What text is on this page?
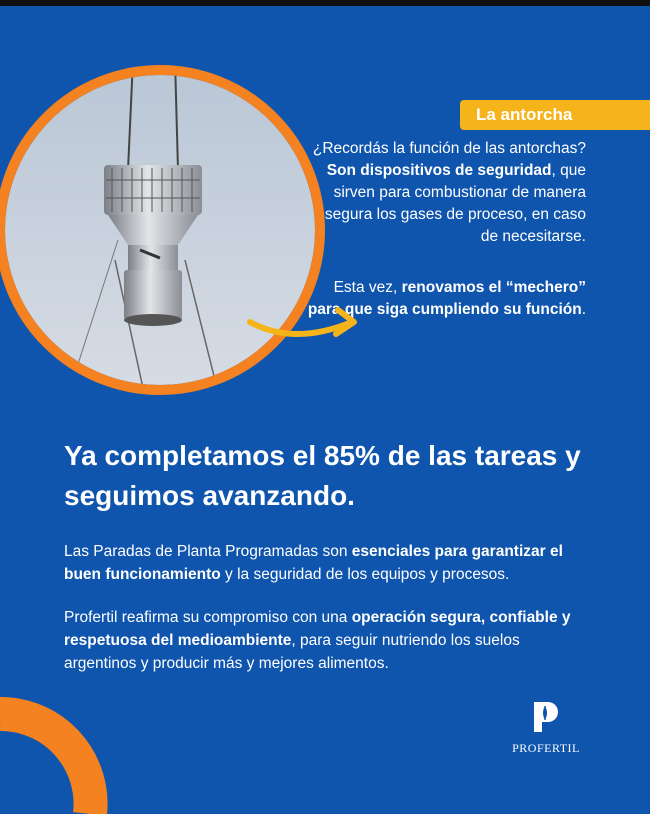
La antorcha

¿Recordás la función de las antorchas? Son dispositivos de seguridad, que sirven para combustionar de manera segura los gases de proceso, en caso de necesitarse.

Esta vez, renovamos el “mechero” para que siga cumpliendo su función.

Ya completamos el 85% de las tareas y seguimos avanzando.

Las Paradas de Planta Programadas son esenciales para garantizar el buen funcionamiento y la seguridad de los equipos y procesos.

Profertil reafirma su compromiso con una operación segura, confiable y respetuosa del medioambiente, para seguir nutriendo los suelos argentinos y producir más y mejores alimentos.

PROFERTIL
